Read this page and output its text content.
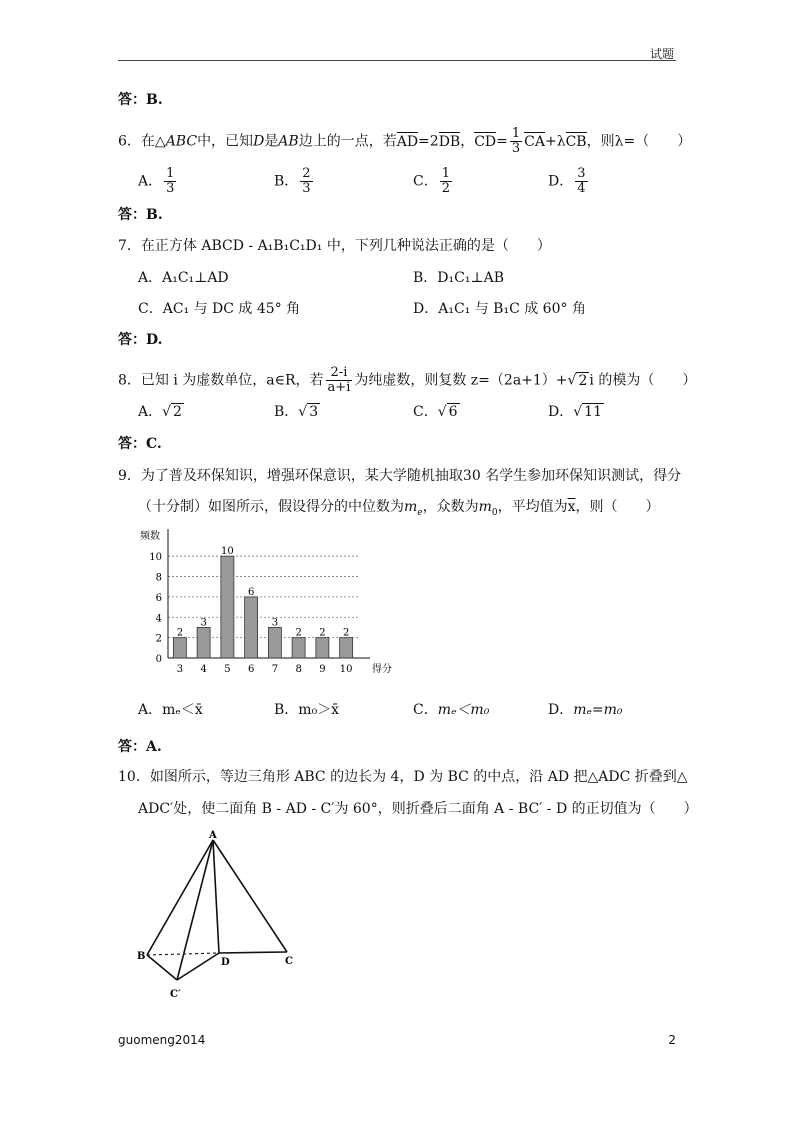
试题
答：B.
6．在△ABC中，已知D是AB边上的一点，若AD=2DB，$CD= \frac{1}{3} CA+\lambda CB$，则λ=（　　）
A． $\frac{1}{3}$	B． $\frac{2}{3}$	C． $\frac{1}{2}$	D． $\frac{3}{4}$
答：B.
7．在正方体 ABCD - A₁B₁C₁D₁ 中，下列几种说法正确的是（　　）
A．A₁C₁⊥AD	B．D₁C₁⊥AB
C．AC₁ 与 DC 成 45° 角	D．A₁C₁ 与 B₁C 成 60° 角
答：D.
8．已知 i 为虚数单位，a∈R，若 $\frac{2-i}{a+i}$ 为纯虚数，则复数 z=（2a+1）+√ 2 i 的模为（　　）
A．√ 2	B．√ 3	C．√ 6	D．√ 11
答：C.
9．为了普及环保知识，增强环保意识，某大学随机抽取30 名学生参加环保知识测试，得分
（十分制）如图所示，假设得分的中位数为$m_e$，众数为$m_0$，平均值为$\overline{x}$，则（　　）
0
2
4
6
8
10
频数
2
3
3
4
10
5
6
6
3
7
2
8
2
9
2
10 得分
A．mₑ＜x̄	B．m₀＞x̄	C．mₑ＜m₀	D．mₑ=m₀
答：A.
10．如图所示，等边三角形 ABC 的边长为 4，D 为 BC 的中点，沿 AD 把△ADC 折叠到△
ADC′处，使二面角 B - AD - C′为 60°，则折叠后二面角 A - BC′ - D 的正切值为（　　）
A
B
D	C
C′
guomeng2014	2
